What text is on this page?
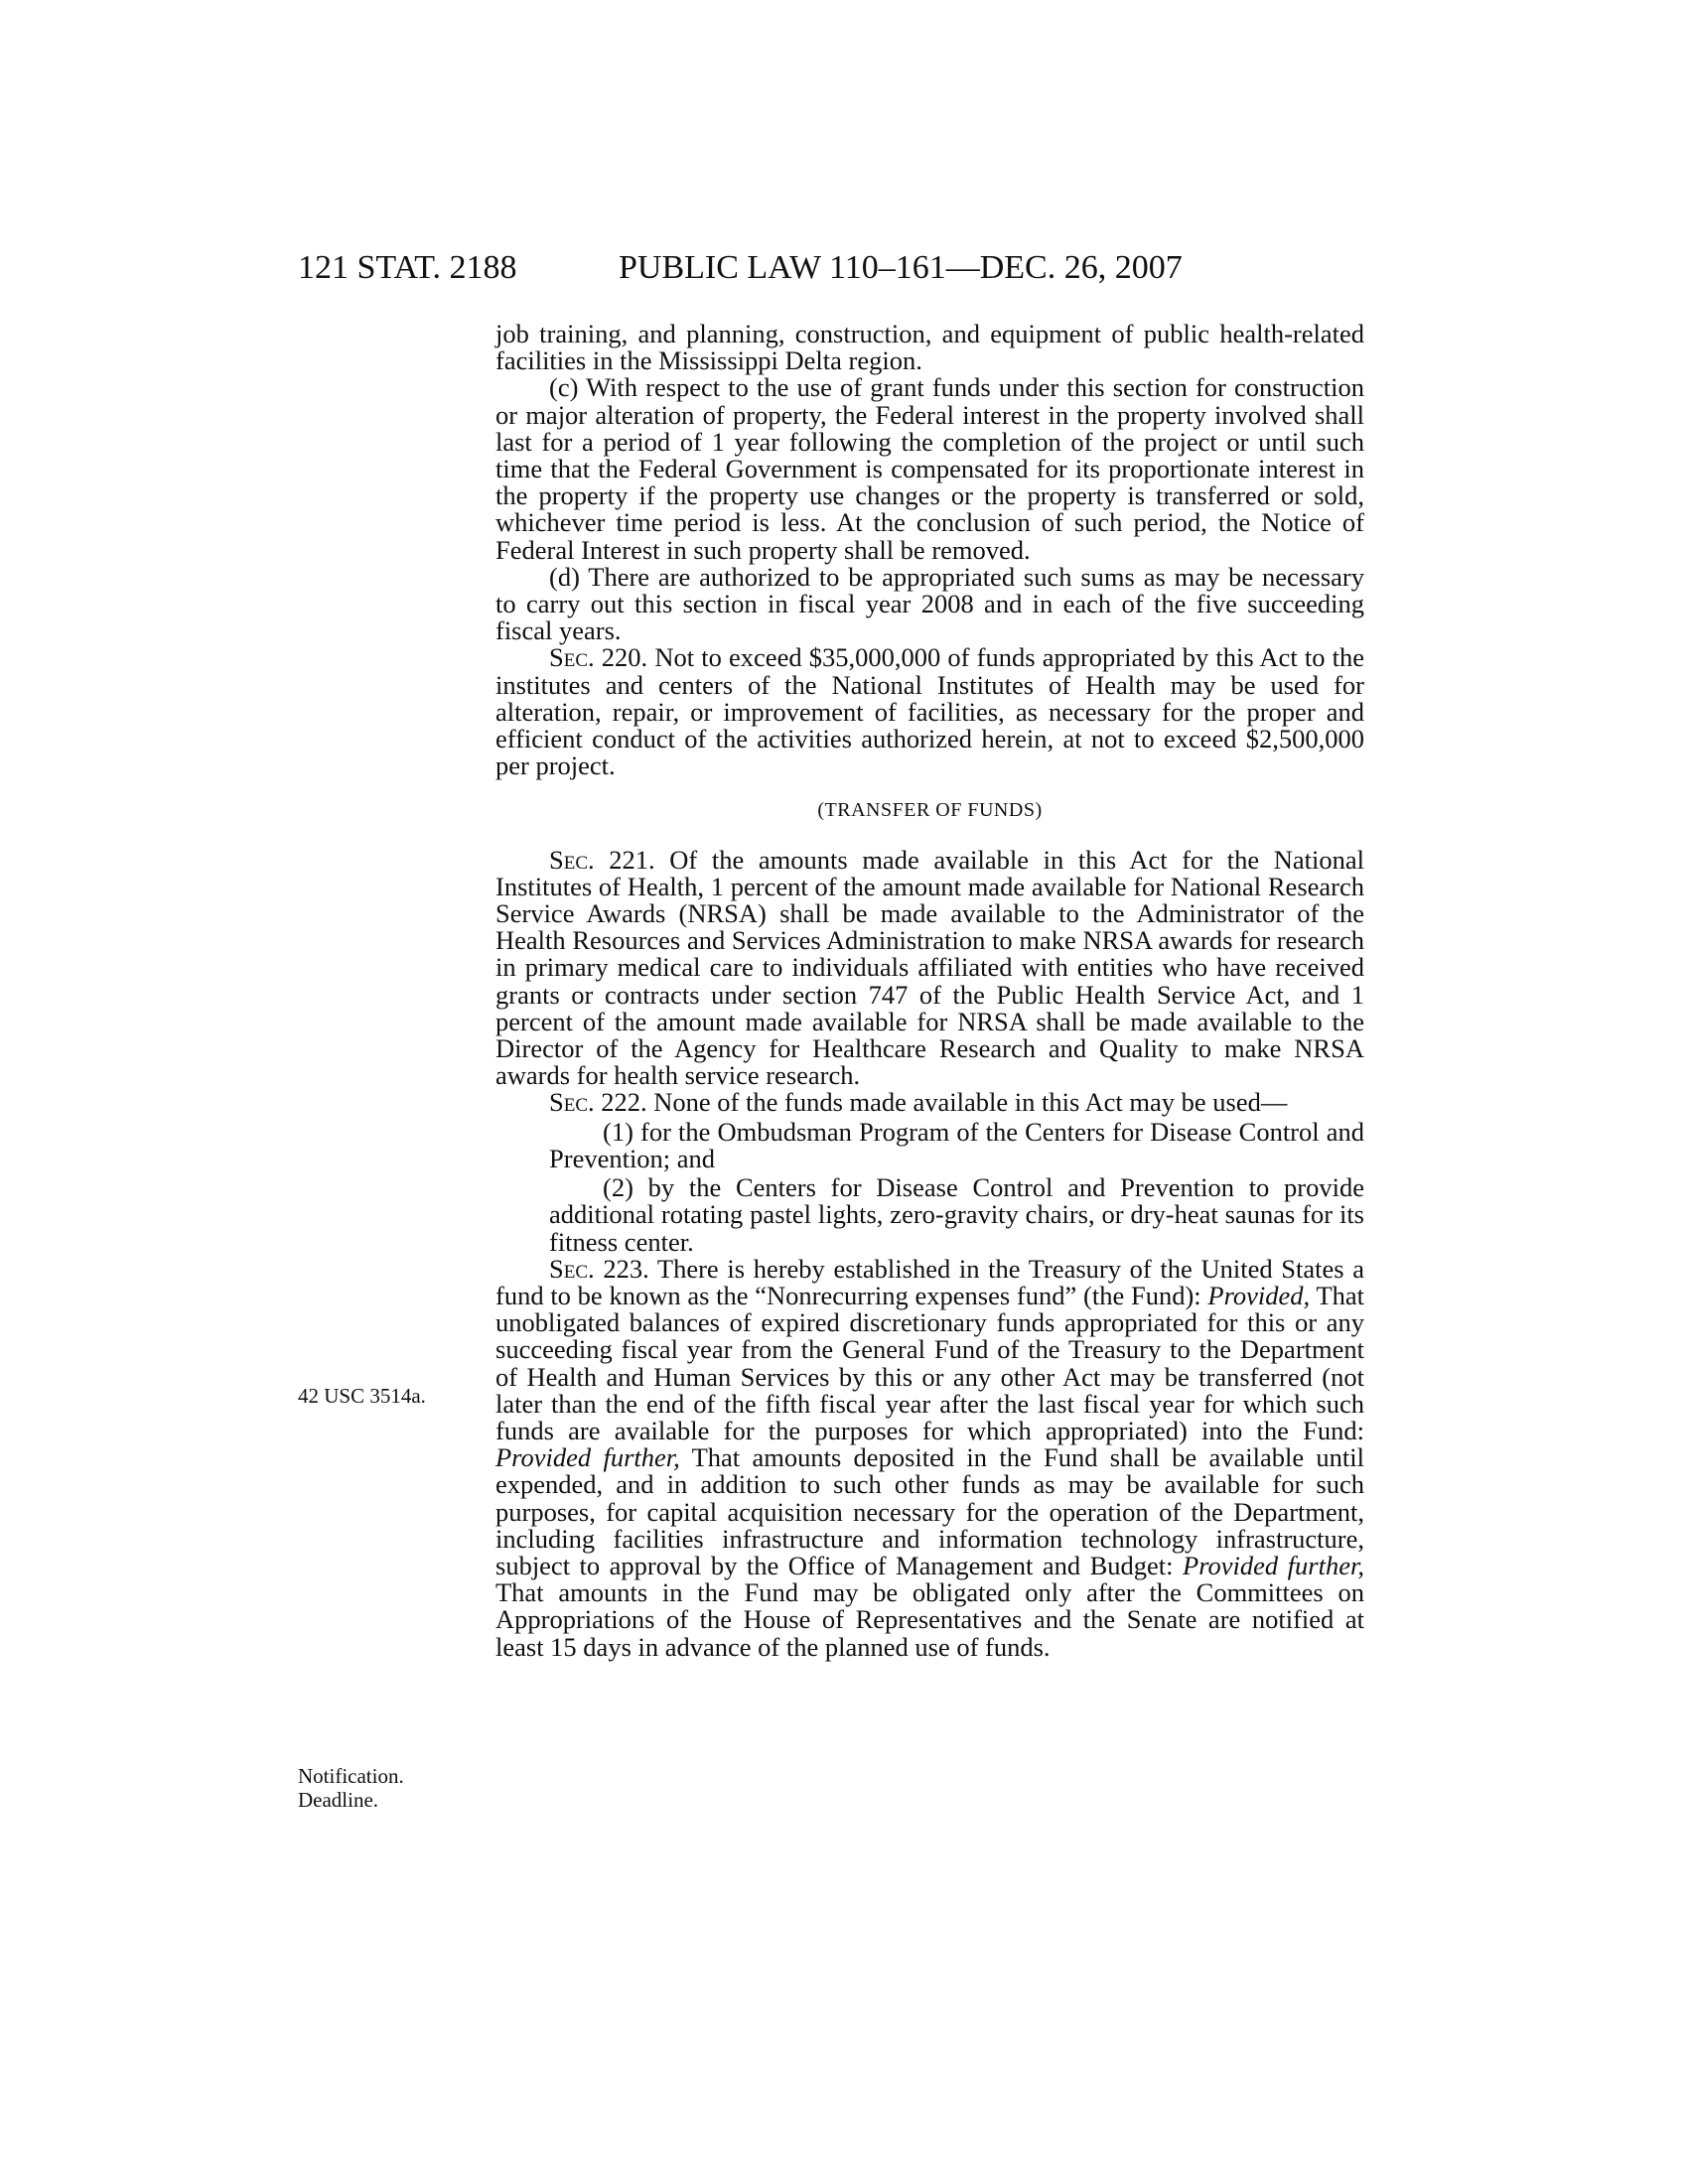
121 STAT. 2188	PUBLIC LAW 110–161—DEC. 26, 2007
42 USC 3514a.
Notification.
Deadline.

job training, and planning, construction, and equipment of public health-related facilities in the Mississippi Delta region.

(c) With respect to the use of grant funds under this section for construction or major alteration of property, the Federal interest in the property involved shall last for a period of 1 year following the completion of the project or until such time that the Federal Government is compensated for its proportionate interest in the property if the property use changes or the property is transferred or sold, whichever time period is less. At the conclusion of such period, the Notice of Federal Interest in such property shall be removed.

(d) There are authorized to be appropriated such sums as may be necessary to carry out this section in fiscal year 2008 and in each of the five succeeding fiscal years.

Sec. 220. Not to exceed $35,000,000 of funds appropriated by this Act to the institutes and centers of the National Institutes of Health may be used for alteration, repair, or improvement of facilities, as necessary for the proper and efficient conduct of the activities authorized herein, at not to exceed $2,500,000 per project.

(TRANSFER OF FUNDS)

Sec. 221. Of the amounts made available in this Act for the National Institutes of Health, 1 percent of the amount made available for National Research Service Awards (NRSA) shall be made available to the Administrator of the Health Resources and Services Administration to make NRSA awards for research in primary medical care to individuals affiliated with entities who have received grants or contracts under section 747 of the Public Health Service Act, and 1 percent of the amount made available for NRSA shall be made available to the Director of the Agency for Healthcare Research and Quality to make NRSA awards for health service research.

Sec. 222. None of the funds made available in this Act may be used—

(1) for the Ombudsman Program of the Centers for Disease Control and Prevention; and

(2) by the Centers for Disease Control and Prevention to provide additional rotating pastel lights, zero-gravity chairs, or dry-heat saunas for its fitness center.

Sec. 223. There is hereby established in the Treasury of the United States a fund to be known as the “Nonrecurring expenses fund” (the Fund): Provided, That unobligated balances of expired discretionary funds appropriated for this or any succeeding fiscal year from the General Fund of the Treasury to the Department of Health and Human Services by this or any other Act may be transferred (not later than the end of the fifth fiscal year after the last fiscal year for which such funds are available for the purposes for which appropriated) into the Fund: Provided further, That amounts deposited in the Fund shall be available until expended, and in addition to such other funds as may be available for such purposes, for capital acquisition necessary for the operation of the Department, including facilities infrastructure and information technology infrastructure, subject to approval by the Office of Management and Budget: Provided further, That amounts in the Fund may be obligated only after the Committees on Appropriations of the House of Representatives and the Senate are notified at least 15 days in advance of the planned use of funds.
